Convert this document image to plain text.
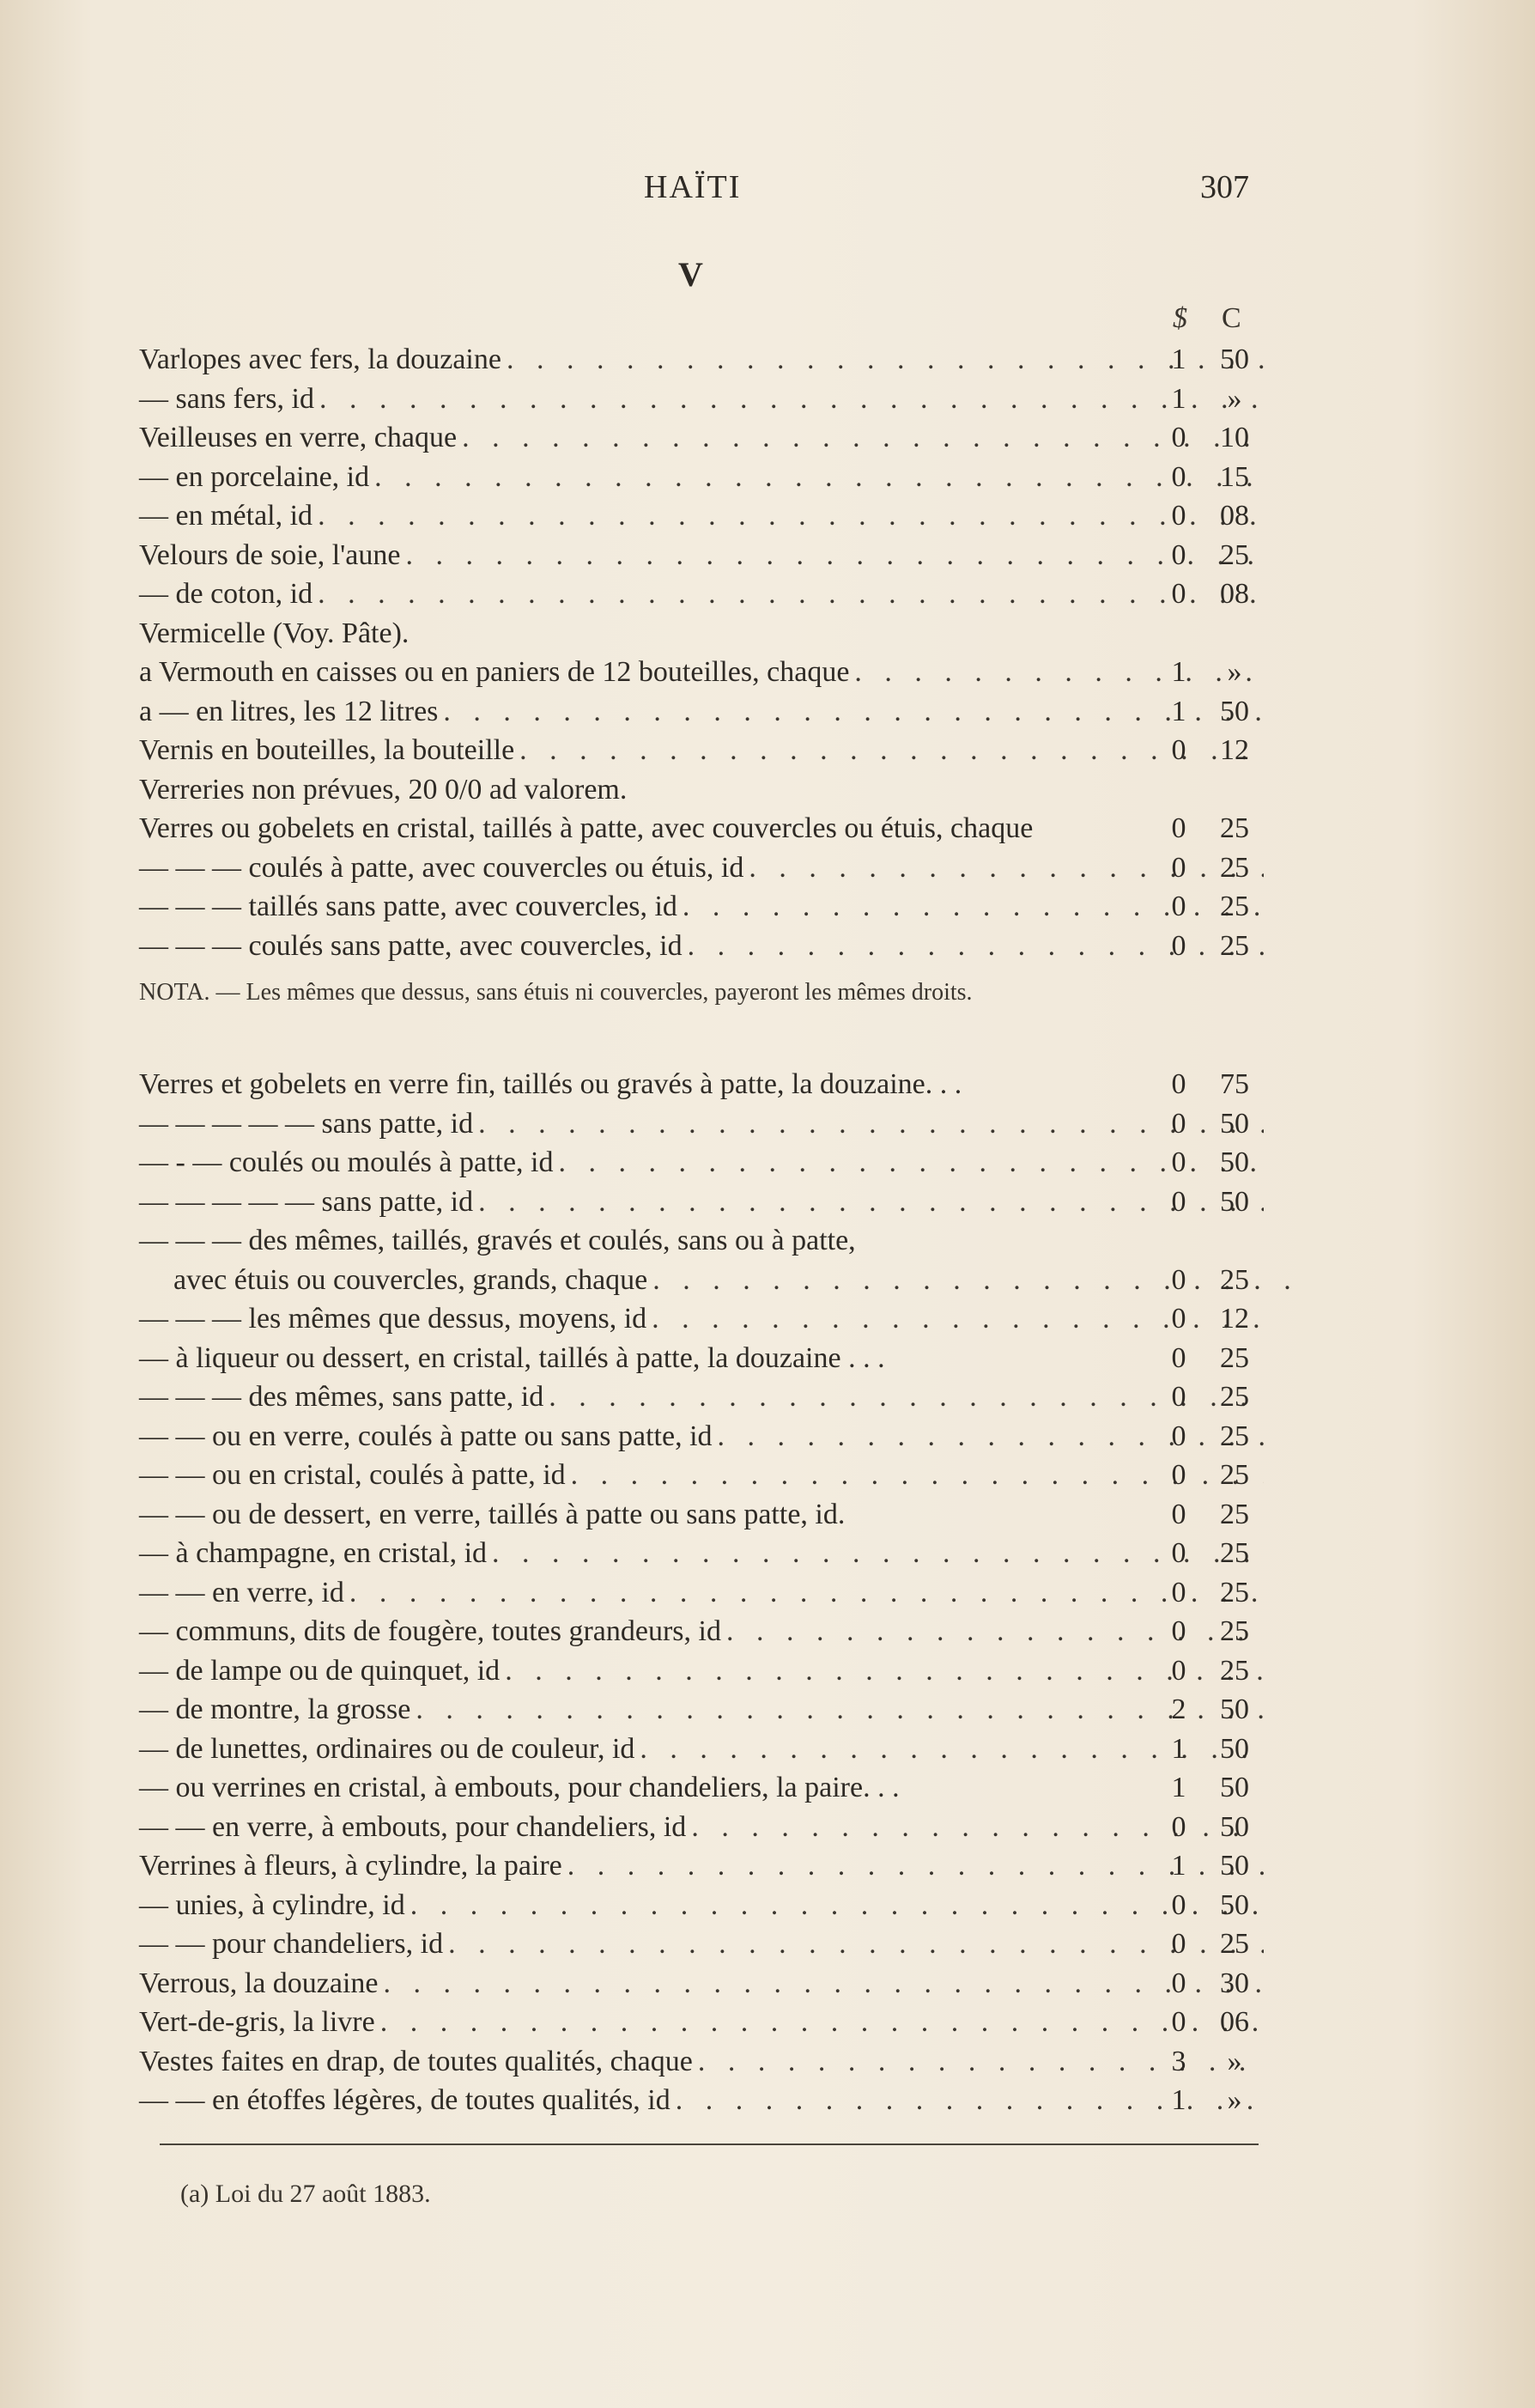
HAÏTI	307
V
$ C
Varlopes avec fers, la douzaine . . .	1	50
— sans fers, id . . .	1	»
Veilleuses en verre, chaque . . .	0	10
— en porcelaine, id . . .	0	15
— en métal, id . . .	0	08
Velours de soie, l'aune . . .	0	25
— de coton, id . . .	0	08
Vermicelle (Voy. Pâte).
a Vermouth en caisses ou en paniers de 12 bouteilles, chaque . . .	1	»
a — en litres, les 12 litres . . .	1	50
Vernis en bouteilles, la bouteille . . .	0	12
Verreries non prévues, 20 0/0 ad valorem.
Verres ou gobelets en cristal, taillés à patte, avec couvercles ou étuis, chaque	0	25
— — — coulés à patte, avec couvercles ou étuis, id . . .	0	25
— — — taillés sans patte, avec couvercles, id . . .	0	25
— — — coulés sans patte, avec couvercles, id . . .	0	25
NOTA. — Les mêmes que dessus, sans étuis ni couvercles, payeront les mêmes droits.
Verres et gobelets en verre fin, taillés ou gravés à patte, la douzaine. . .	0	75
— — — — — sans patte, id . . .	0	50
— - — coulés ou moulés à patte, id . . .	0	50
— — — — — sans patte, id . . .	0	50
— — — des mêmes, taillés, gravés et coulés, sans ou à patte,
avec étuis ou couvercles, grands, chaque . . .	0	25
— — — les mêmes que dessus, moyens, id . . .	0	12
— à liqueur ou dessert, en cristal, taillés à patte, la douzaine . . .	0	25
— — — des mêmes, sans patte, id . . .	0	25
— — ou en verre, coulés à patte ou sans patte, id . . .	0	25
— — ou en cristal, coulés à patte, id . . .	0	25
— — ou de dessert, en verre, taillés à patte ou sans patte, id.	0	25
— à champagne, en cristal, id . . .	0	25
— — en verre, id . . .	0	25
— communs, dits de fougère, toutes grandeurs, id . . .	0	25
— de lampe ou de quinquet, id . . .	0	25
— de montre, la grosse . . .	2	50
— de lunettes, ordinaires ou de couleur, id . . .	1	50
— ou verrines en cristal, à embouts, pour chandeliers, la paire. . .	1	50
— — en verre, à embouts, pour chandeliers, id . . .	0	50
Verrines à fleurs, à cylindre, la paire . . .	1	50
— unies, à cylindre, id . . .	0	50
— — pour chandeliers, id . . .	0	25
Verrous, la douzaine . . .	0	30
Vert-de-gris, la livre . . .	0	06
Vestes faites en drap, de toutes qualités, chaque . . .	3	»
— — en étoffes légères, de toutes qualités, id . . .	1	»
(a) Loi du 27 août 1883.
